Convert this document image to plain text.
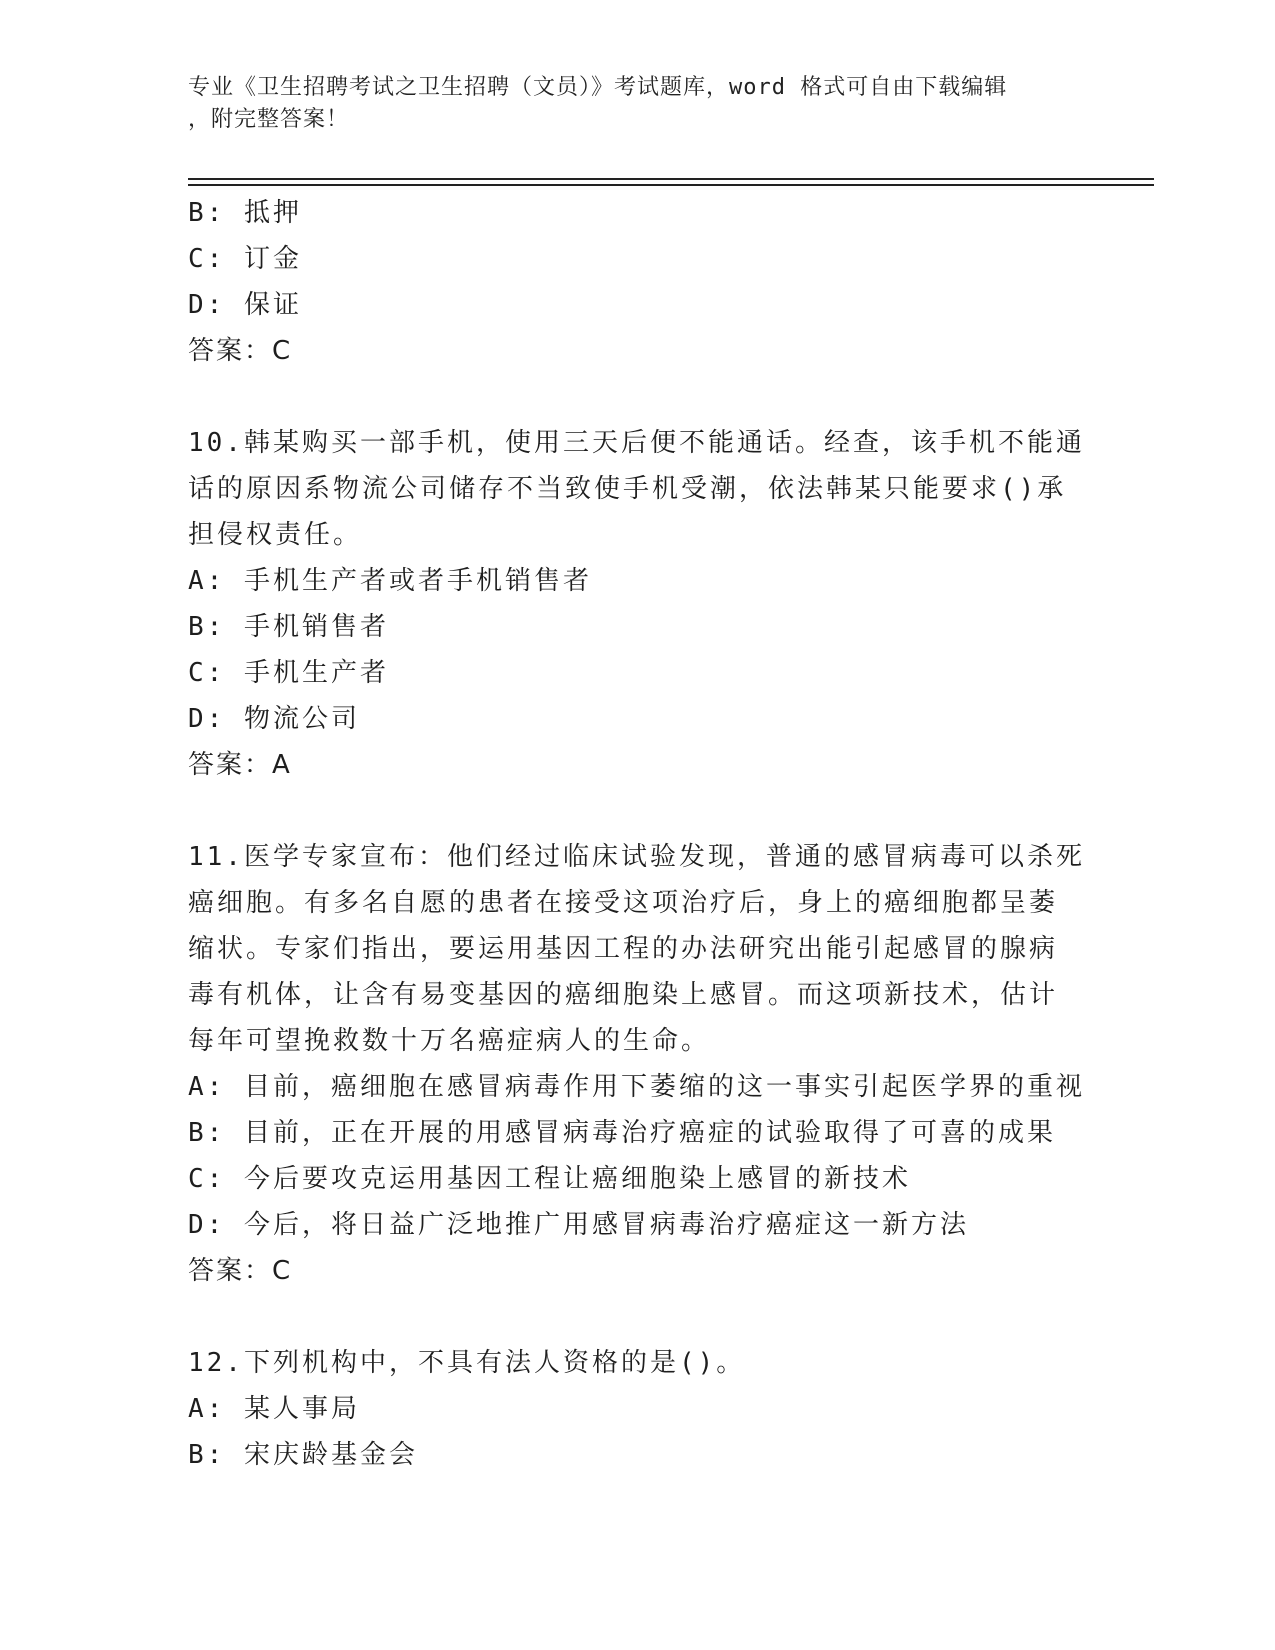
专业《卫生招聘考试之卫生招聘（文员）》考试题库，word 格式可自由下载编辑
，附完整答案！
B: 抵押
C: 订金
D: 保证
答案：C
10.韩某购买一部手机，使用三天后便不能通话。经查，该手机不能通
话的原因系物流公司储存不当致使手机受潮，依法韩某只能要求()承
担侵权责任。
A: 手机生产者或者手机销售者
B: 手机销售者
C: 手机生产者
D: 物流公司
答案：A
11.医学专家宣布：他们经过临床试验发现，普通的感冒病毒可以杀死
癌细胞。有多名自愿的患者在接受这项治疗后，身上的癌细胞都呈萎
缩状。专家们指出，要运用基因工程的办法研究出能引起感冒的腺病
毒有机体，让含有易变基因的癌细胞染上感冒。而这项新技术，估计
每年可望挽救数十万名癌症病人的生命。
A: 目前，癌细胞在感冒病毒作用下萎缩的这一事实引起医学界的重视
B: 目前，正在开展的用感冒病毒治疗癌症的试验取得了可喜的成果
C: 今后要攻克运用基因工程让癌细胞染上感冒的新技术
D: 今后，将日益广泛地推广用感冒病毒治疗癌症这一新方法
答案：C
12.下列机构中，不具有法人资格的是()。
A: 某人事局
B: 宋庆龄基金会
